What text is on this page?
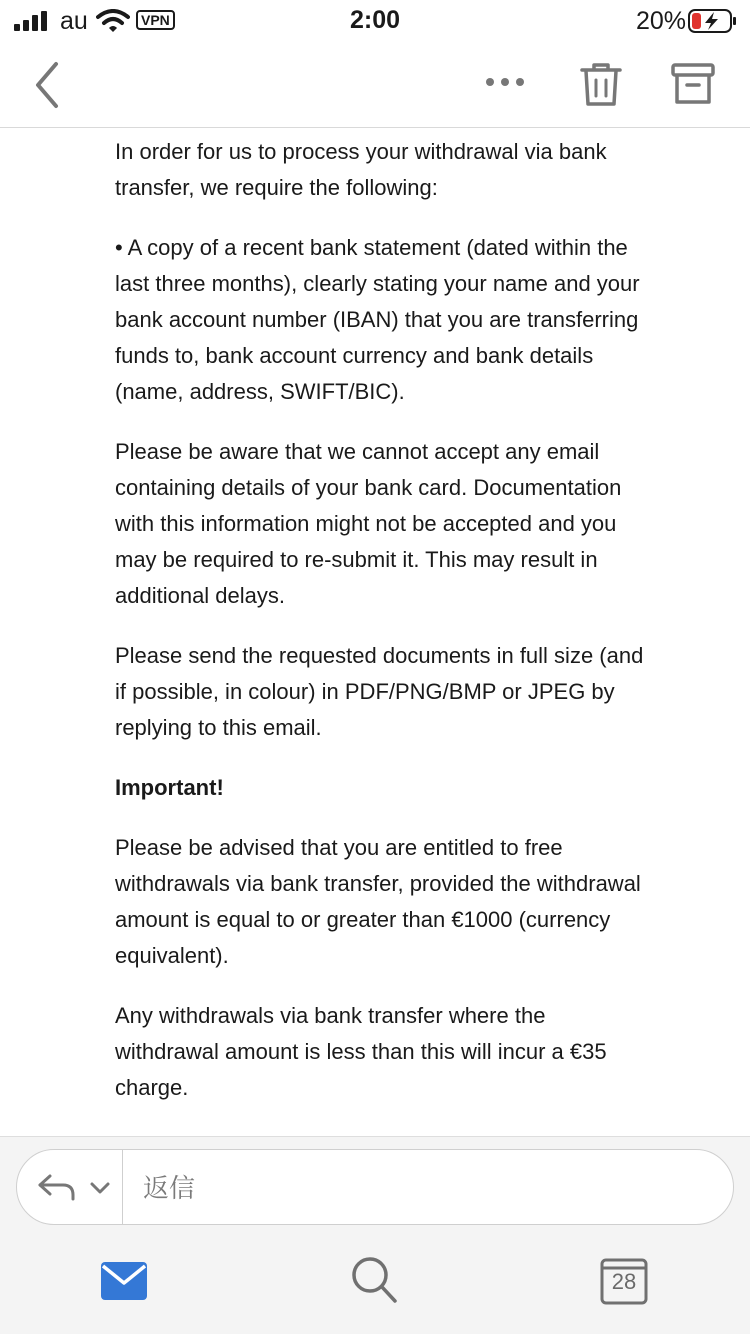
au	VPN	2:00	20%

In order for us to process your withdrawal via bank transfer, we require the following:

• A copy of a recent bank statement (dated within the last three months), clearly stating your name and your bank account number (IBAN) that you are transferring funds to, bank account currency and bank details (name, address, SWIFT/BIC).

Please be aware that we cannot accept any email containing details of your bank card. Documentation with this information might not be accepted and you may be required to re-submit it. This may result in additional delays.

Please send the requested documents in full size (and if possible, in colour) in PDF/PNG/BMP or JPEG by replying to this email.

Important!

Please be advised that you are entitled to free withdrawals via bank transfer, provided the withdrawal amount is equal to or greater than €1000 (currency equivalent).

Any withdrawals via bank transfer where the withdrawal amount is less than this will incur a €35 charge.

返信
28
